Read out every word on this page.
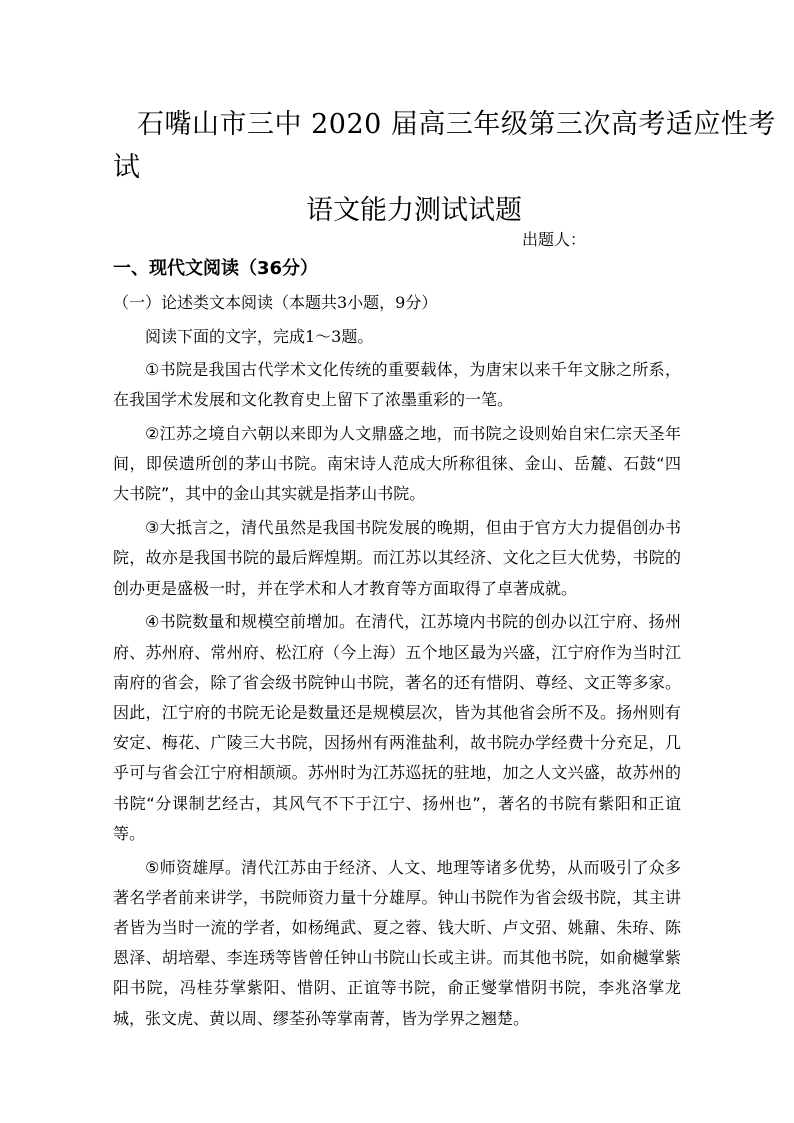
石嘴山市三中 2020 届高三年级第三次高考适应性考
试
语文能力测试试题
出题人：
一、现代文阅读（36分）
（一）论述类文本阅读（本题共3小题，9分）
阅读下面的文字，完成1～3题。

①书院是我国古代学术文化传统的重要载体，为唐宋以来千年文脉之所系，在我国学术发展和文化教育史上留下了浓墨重彩的一笔。

②江苏之境自六朝以来即为人文鼎盛之地，而书院之设则始自宋仁宗天圣年间，即侯遗所创的茅山书院。南宋诗人范成大所称徂徕、金山、岳麓、石鼓“四大书院”，其中的金山其实就是指茅山书院。

③大抵言之，清代虽然是我国书院发展的晚期，但由于官方大力提倡创办书院，故亦是我国书院的最后辉煌期。而江苏以其经济、文化之巨大优势，书院的创办更是盛极一时，并在学术和人才教育等方面取得了卓著成就。

④书院数量和规模空前增加。在清代，江苏境内书院的创办以江宁府、扬州府、苏州府、常州府、松江府（今上海）五个地区最为兴盛，江宁府作为当时江南府的省会，除了省会级书院钟山书院，著名的还有惜阴、尊经、文正等多家。因此，江宁府的书院无论是数量还是规模层次，皆为其他省会所不及。扬州则有安定、梅花、广陵三大书院，因扬州有两淮盐利，故书院办学经费十分充足，几乎可与省会江宁府相颉颃。苏州时为江苏巡抚的驻地，加之人文兴盛，故苏州的书院“分课制艺经古，其风气不下于江宁、扬州也”，著名的书院有紫阳和正谊等。

⑤师资雄厚。清代江苏由于经济、人文、地理等诸多优势，从而吸引了众多著名学者前来讲学，书院师资力量十分雄厚。钟山书院作为省会级书院，其主讲者皆为当时一流的学者，如杨绳武、夏之蓉、钱大昕、卢文弨、姚鼐、朱珔、陈恩泽、胡培翚、李连琇等皆曾任钟山书院山长或主讲。而其他书院，如俞樾掌紫阳书院，冯桂芬掌紫阳、惜阴、正谊等书院，俞正燮掌惜阴书院，李兆洛掌龙城，张文虎、黄以周、缪荃孙等掌南菁，皆为学界之翘楚。
